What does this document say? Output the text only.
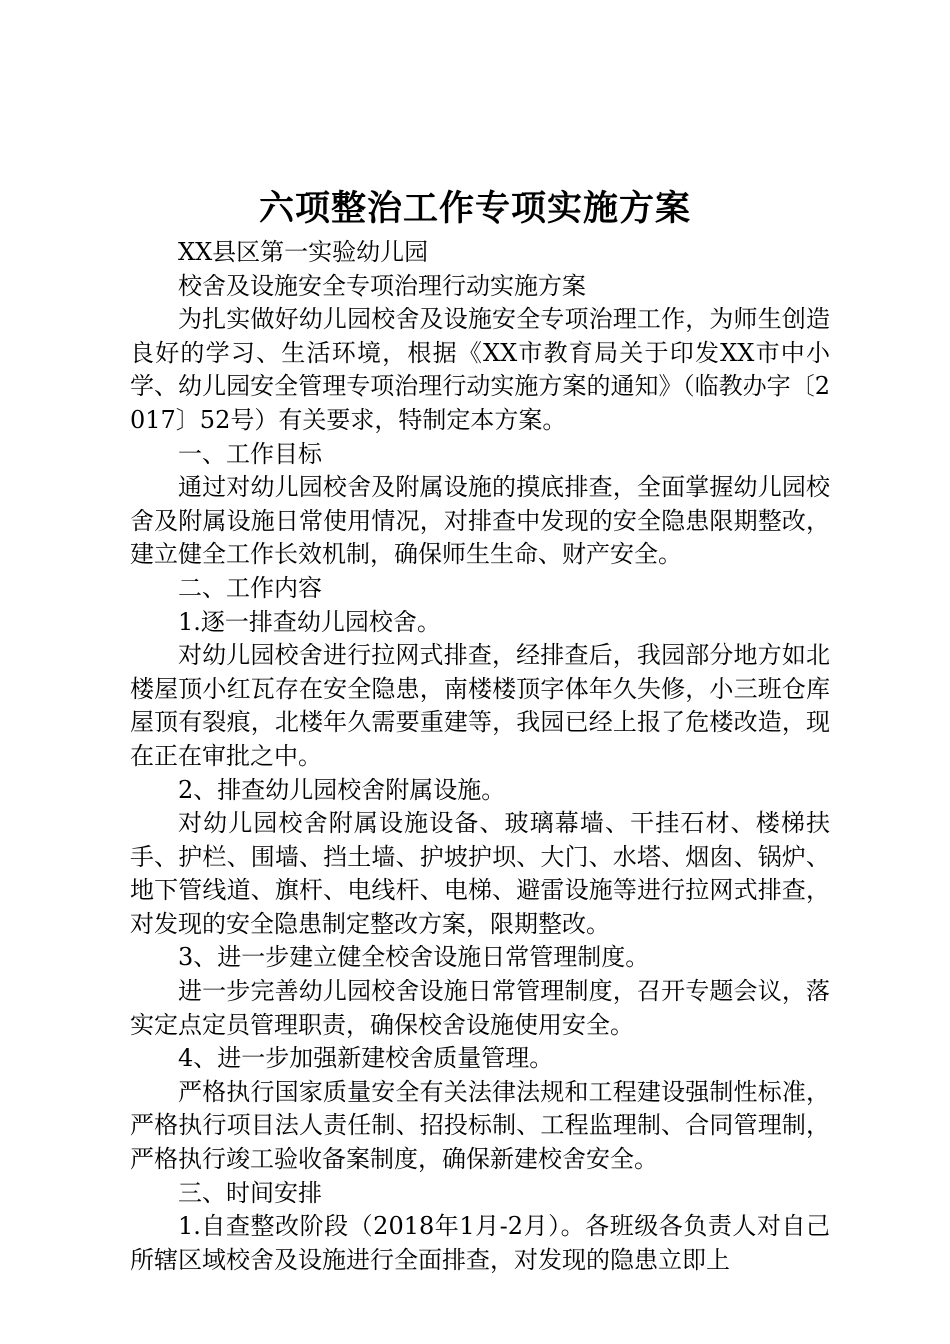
六项整治工作专项实施方案

XX县区第一实验幼儿园

校舍及设施安全专项治理行动实施方案

为扎实做好幼儿园校舍及设施安全专项治理工作，为师生创造良好的学习、生活环境，根据《XX市教育局关于印发XX市中小学、幼儿园安全管理专项治理行动实施方案的通知》（临教办字〔2017〕52号）有关要求，特制定本方案。

一、工作目标

通过对幼儿园校舍及附属设施的摸底排查，全面掌握幼儿园校舍及附属设施日常使用情况，对排查中发现的安全隐患限期整改，建立健全工作长效机制，确保师生生命、财产安全。

二、工作内容

1.逐一排查幼儿园校舍。

对幼儿园校舍进行拉网式排查，经排查后，我园部分地方如北楼屋顶小红瓦存在安全隐患，南楼楼顶字体年久失修，小三班仓库屋顶有裂痕，北楼年久需要重建等，我园已经上报了危楼改造，现在正在审批之中。

2、排查幼儿园校舍附属设施。

对幼儿园校舍附属设施设备、玻璃幕墙、干挂石材、楼梯扶手、护栏、围墙、挡土墙、护坡护坝、大门、水塔、烟囱、锅炉、地下管线道、旗杆、电线杆、电梯、避雷设施等进行拉网式排查，对发现的安全隐患制定整改方案，限期整改。

3、进一步建立健全校舍设施日常管理制度。

进一步完善幼儿园校舍设施日常管理制度，召开专题会议，落实定点定员管理职责，确保校舍设施使用安全。

4、进一步加强新建校舍质量管理。

严格执行国家质量安全有关法律法规和工程建设强制性标准，严格执行项目法人责任制、招投标制、工程监理制、合同管理制，严格执行竣工验收备案制度，确保新建校舍安全。

三、时间安排

1.自查整改阶段（2018年1月-2月）。各班级各负责人对自己所辖区域校舍及设施进行全面排查，对发现的隐患立即上
